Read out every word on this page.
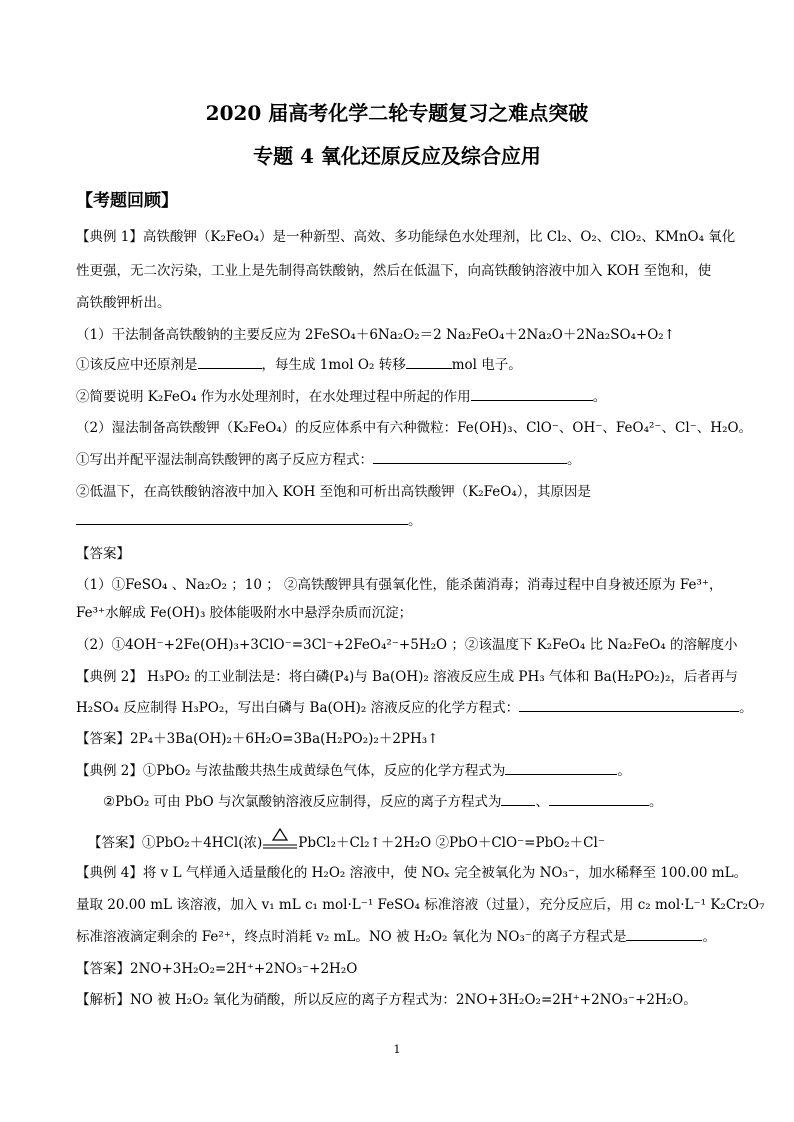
2020 届高考化学二轮专题复习之难点突破
专题 4 氧化还原反应及综合应用
【考题回顾】
【典例 1】高铁酸钾（K₂FeO₄）是一种新型、高效、多功能绿色水处理剂，比 Cl₂、O₂、ClO₂、KMnO₄ 氧化
性更强，无二次污染，工业上是先制得高铁酸钠，然后在低温下，向高铁酸钠溶液中加入 KOH 至饱和，使
高铁酸钾析出。
（1）干法制备高铁酸钠的主要反应为 2FeSO₄＋6Na₂O₂＝2 Na₂FeO₄＋2Na₂O＋2Na₂SO₄+O₂↑
①该反应中还原剂是	，每生成 1mol O₂ 转移	mol 电子。
②简要说明 K₂FeO₄ 作为水处理剂时，在水处理过程中所起的作用	。
（2）湿法制备高铁酸钾（K₂FeO₄）的反应体系中有六种微粒：Fe(OH)₃、ClO⁻、OH⁻、FeO₄²⁻、Cl⁻、H₂O。
①写出并配平湿法制高铁酸钾的离子反应方程式：	。
②低温下，在高铁酸钠溶液中加入 KOH 至饱和可析出高铁酸钾（K₂FeO₄），其原因是
。
【答案】
（1）①FeSO₄ 、Na₂O₂ ；10 ； ②高铁酸钾具有强氧化性，能杀菌消毒；消毒过程中自身被还原为 Fe³⁺，
Fe³⁺水解成 Fe(OH)₃ 胶体能吸附水中悬浮杂质而沉淀；
（2）①4OH⁻+2Fe(OH)₃+3ClO⁻=3Cl⁻+2FeO₄²⁻+5H₂O ；②该温度下 K₂FeO₄ 比 Na₂FeO₄ 的溶解度小
【典例 2】 H₃PO₂ 的工业制法是：将白磷(P₄)与 Ba(OH)₂ 溶液反应生成 PH₃ 气体和 Ba(H₂PO₂)₂，后者再与
H₂SO₄ 反应制得 H₃PO₂，写出白磷与 Ba(OH)₂ 溶液反应的化学方程式：	。
【答案】2P₄＋3Ba(OH)₂＋6H₂O=3Ba(H₂PO₂)₂＋2PH₃↑
【典例 2】①PbO₂ 与浓盐酸共热生成黄绿色气体，反应的化学方程式为	。
②PbO₂ 可由 PbO 与次氯酸钠溶液反应制得，反应的离子方程式为	、	。
【答案】①PbO₂＋4HCl(浓)	PbCl₂＋Cl₂↑＋2H₂O ②PbO＋ClO⁻=PbO₂＋Cl⁻
【典例 4】将 v L 气样通入适量酸化的 H₂O₂ 溶液中，使 NOₓ 完全被氧化为 NO₃⁻，加水稀释至 100.00 mL。
量取 20.00 mL 该溶液，加入 v₁ mL c₁ mol·L⁻¹ FeSO₄ 标准溶液（过量），充分反应后，用 c₂ mol·L⁻¹ K₂Cr₂O₇
标准溶液滴定剩余的 Fe²⁺，终点时消耗 v₂ mL。NO 被 H₂O₂ 氧化为 NO₃⁻的离子方程式是	。
【答案】2NO+3H₂O₂=2H⁺+2NO₃⁻+2H₂O
【解析】NO 被 H₂O₂ 氧化为硝酸，所以反应的离子方程式为：2NO+3H₂O₂=2H⁺+2NO₃⁻+2H₂O。
1
